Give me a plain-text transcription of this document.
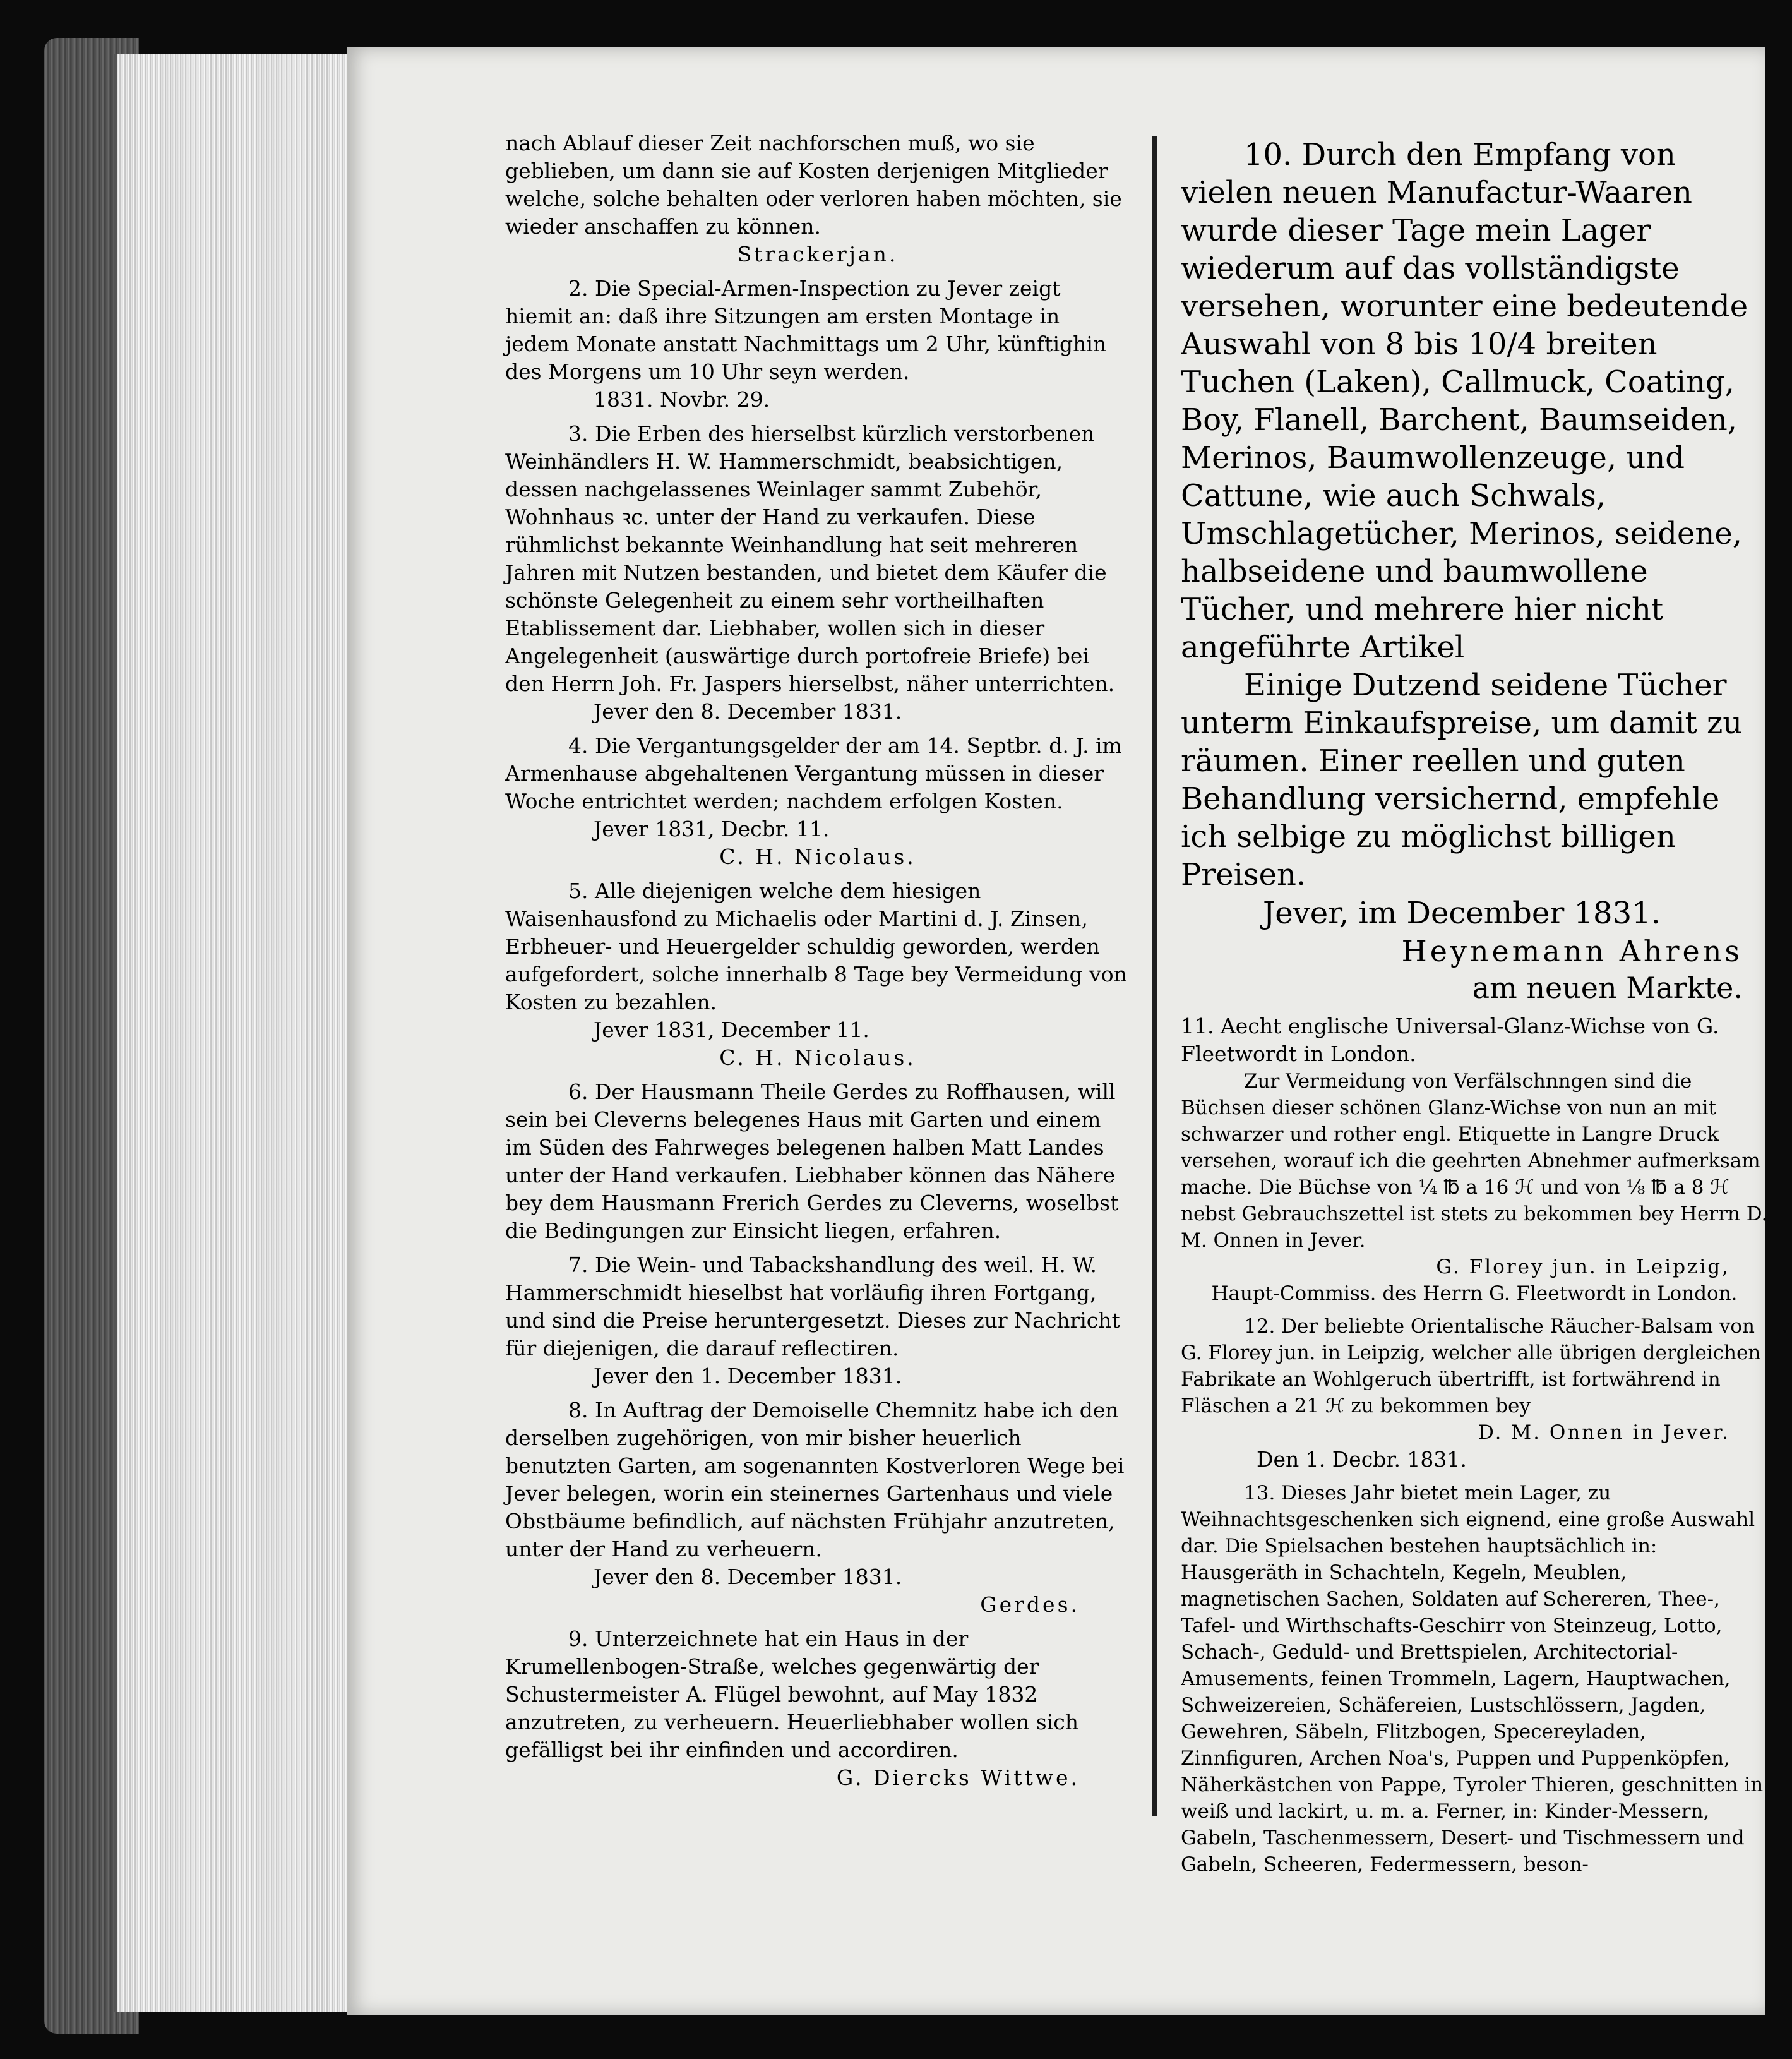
nach Ablauf dieser Zeit nachforschen muß, wo sie geblieben, um dann sie auf Kosten derjenigen Mitglieder welche, solche behalten oder verloren haben möchten, sie wieder anschaffen zu können.

Strackerjan.

2. Die Special-Armen-Inspection zu Jever zeigt hiemit an: daß ihre Sitzungen am ersten Montage in jedem Monate anstatt Nachmittags um 2 Uhr, künftighin des Morgens um 10 Uhr seyn werden.

1831. Novbr. 29.

3. Die Erben des hierselbst kürzlich verstorbenen Weinhändlers H. W. Hammerschmidt, beabsichtigen, dessen nachgelassenes Weinlager sammt Zubehör, Wohnhaus ꝛc. unter der Hand zu verkaufen. Diese rühmlichst bekannte Weinhandlung hat seit mehreren Jahren mit Nutzen bestanden, und bietet dem Käufer die schönste Gelegenheit zu einem sehr vortheilhaften Etablissement dar. Liebhaber, wollen sich in dieser Angelegenheit (auswärtige durch portofreie Briefe) bei den Herrn Joh. Fr. Jaspers hierselbst, näher unterrichten.

Jever den 8. December 1831.

4. Die Vergantungsgelder der am 14. Septbr. d. J. im Armenhause abgehaltenen Vergantung müssen in dieser Woche entrichtet werden; nachdem erfolgen Kosten.

Jever 1831, Decbr. 11.

C. H. Nicolaus.

5. Alle diejenigen welche dem hiesigen Waisenhausfond zu Michaelis oder Martini d. J. Zinsen, Erbheuer- und Heuergelder schuldig geworden, werden aufgefordert, solche innerhalb 8 Tage bey Vermeidung von Kosten zu bezahlen.

Jever 1831, December 11.

C. H. Nicolaus.

6. Der Hausmann Theile Gerdes zu Roffhausen, will sein bei Clevernѕ belegenes Haus mit Garten und einem im Süden des Fahrweges belegenen halben Matt Landes unter der Hand verkaufen. Liebhaber können das Nähere bey dem Hausmann Frerich Gerdes zu Cleverns, woselbst die Bedingungen zur Einsicht liegen, erfahren.

7. Die Wein- und Tabackshandlung des weil. H. W. Hammerschmidt hieselbst hat vorläufig ihren Fortgang, und sind die Preise heruntergesetzt. Dieses zur Nachricht für diejenigen, die darauf reflectiren.

Jever den 1. December 1831.

8. In Auftrag der Demoiselle Chemnitz habe ich den derselben zugehörigen, von mir bisher heuerlich benutzten Garten, am sogenannten Kostverloren Wege bei Jever belegen, worin ein steinernes Gartenhaus und viele Obstbäume befindlich, auf nächsten Frühjahr anzutreten, unter der Hand zu verheuern.

Jever den 8. December 1831.

Gerdes.

9. Unterzeichnete hat ein Haus in der Krumellenbogen-Straße, welches gegenwärtig der Schustermeister A. Flügel bewohnt, auf May 1832 anzutreten, zu verheuern. Heuerliebhaber wollen sich gefälligst bei ihr einfinden und accordiren.

G. Diercks Wittwe.

10. Durch den Empfang von vielen neuen Manufactur-Waaren wurde dieser Tage mein Lager wiederum auf das vollständigste versehen, worunter eine bedeutende Auswahl von 8 bis 10/4 breiten Tuchen (Laken), Callmuck, Coating, Boy, Flanell, Barchent, Baumseiden, Merinos, Baumwollenzeuge, und Cattune, wie auch Schwals, Umschlagetücher, Merinos, seidene, halbseidene und baumwollene Tücher, und mehrere hier nicht angeführte Artikel

Einige Dutzend seidene Tücher unterm Einkaufspreise, um damit zu räumen. Einer reellen und guten Behandlung versichernd, empfehle ich selbige zu möglichst billigen Preisen.

Jever, im December 1831.

Heynemann Ahrens

am neuen Markte.

11. Aecht englische Universal-Glanz-Wichse von G. Fleetwordt in London.

Zur Vermeidung von Verfälschnngen sind die Büchsen dieser schönen Glanz-Wichse von nun an mit schwarzer und rother engl. Etiquette in Langre Druck versehen, worauf ich die geehrten Abnehmer aufmerksam mache. Die Büchse von ¼ ℔ a 16 ℋ und von ⅛ ℔ a 8 ℋ nebst Gebrauchszettel ist stets zu bekommen bey Herrn D. M. Onnen in Jever.

G. Florey jun. in Leipzig,

Haupt-Commiss. des Herrn G. Fleetwordt in London.

12. Der beliebte Orientalische Räucher-Balsam von G. Florey jun. in Leipzig, welcher alle übrigen dergleichen Fabrikate an Wohlgeruch übertrifft, ist fortwährend in Fläschen a 21 ℋ zu bekommen bey

D. M. Onnen in Jever.

Den 1. Decbr. 1831.

13. Dieses Jahr bietet mein Lager, zu Weihnachtsgeschenken sich eignend, eine große Auswahl dar. Die Spielsachen bestehen hauptsächlich in: Hausgeräth in Schachteln, Kegeln, Meublen, magnetischen Sachen, Soldaten auf Schereren, Thee-, Tafel- und Wirthschafts-Geschirr von Steinzeug, Lotto, Schach-, Geduld- und Brettspielen, Architectorial-Amusements, feinen Trommeln, Lagern, Hauptwachen, Schweizereien, Schäfereien, Lustschlössern, Jagden, Gewehren, Säbeln, Flitzbogen, Specereyladen, Zinnfiguren, Archen Noa's, Puppen und Puppenköpfen, Näherkästchen von Pappe, Tyroler Thieren, geschnitten in weiß und lackirt, u. m. a. Ferner, in: Kinder-Messern, Gabeln, Taschenmessern, Desert- und Tischmessern und Gabeln, Scheeren, Federmessern, beson-
